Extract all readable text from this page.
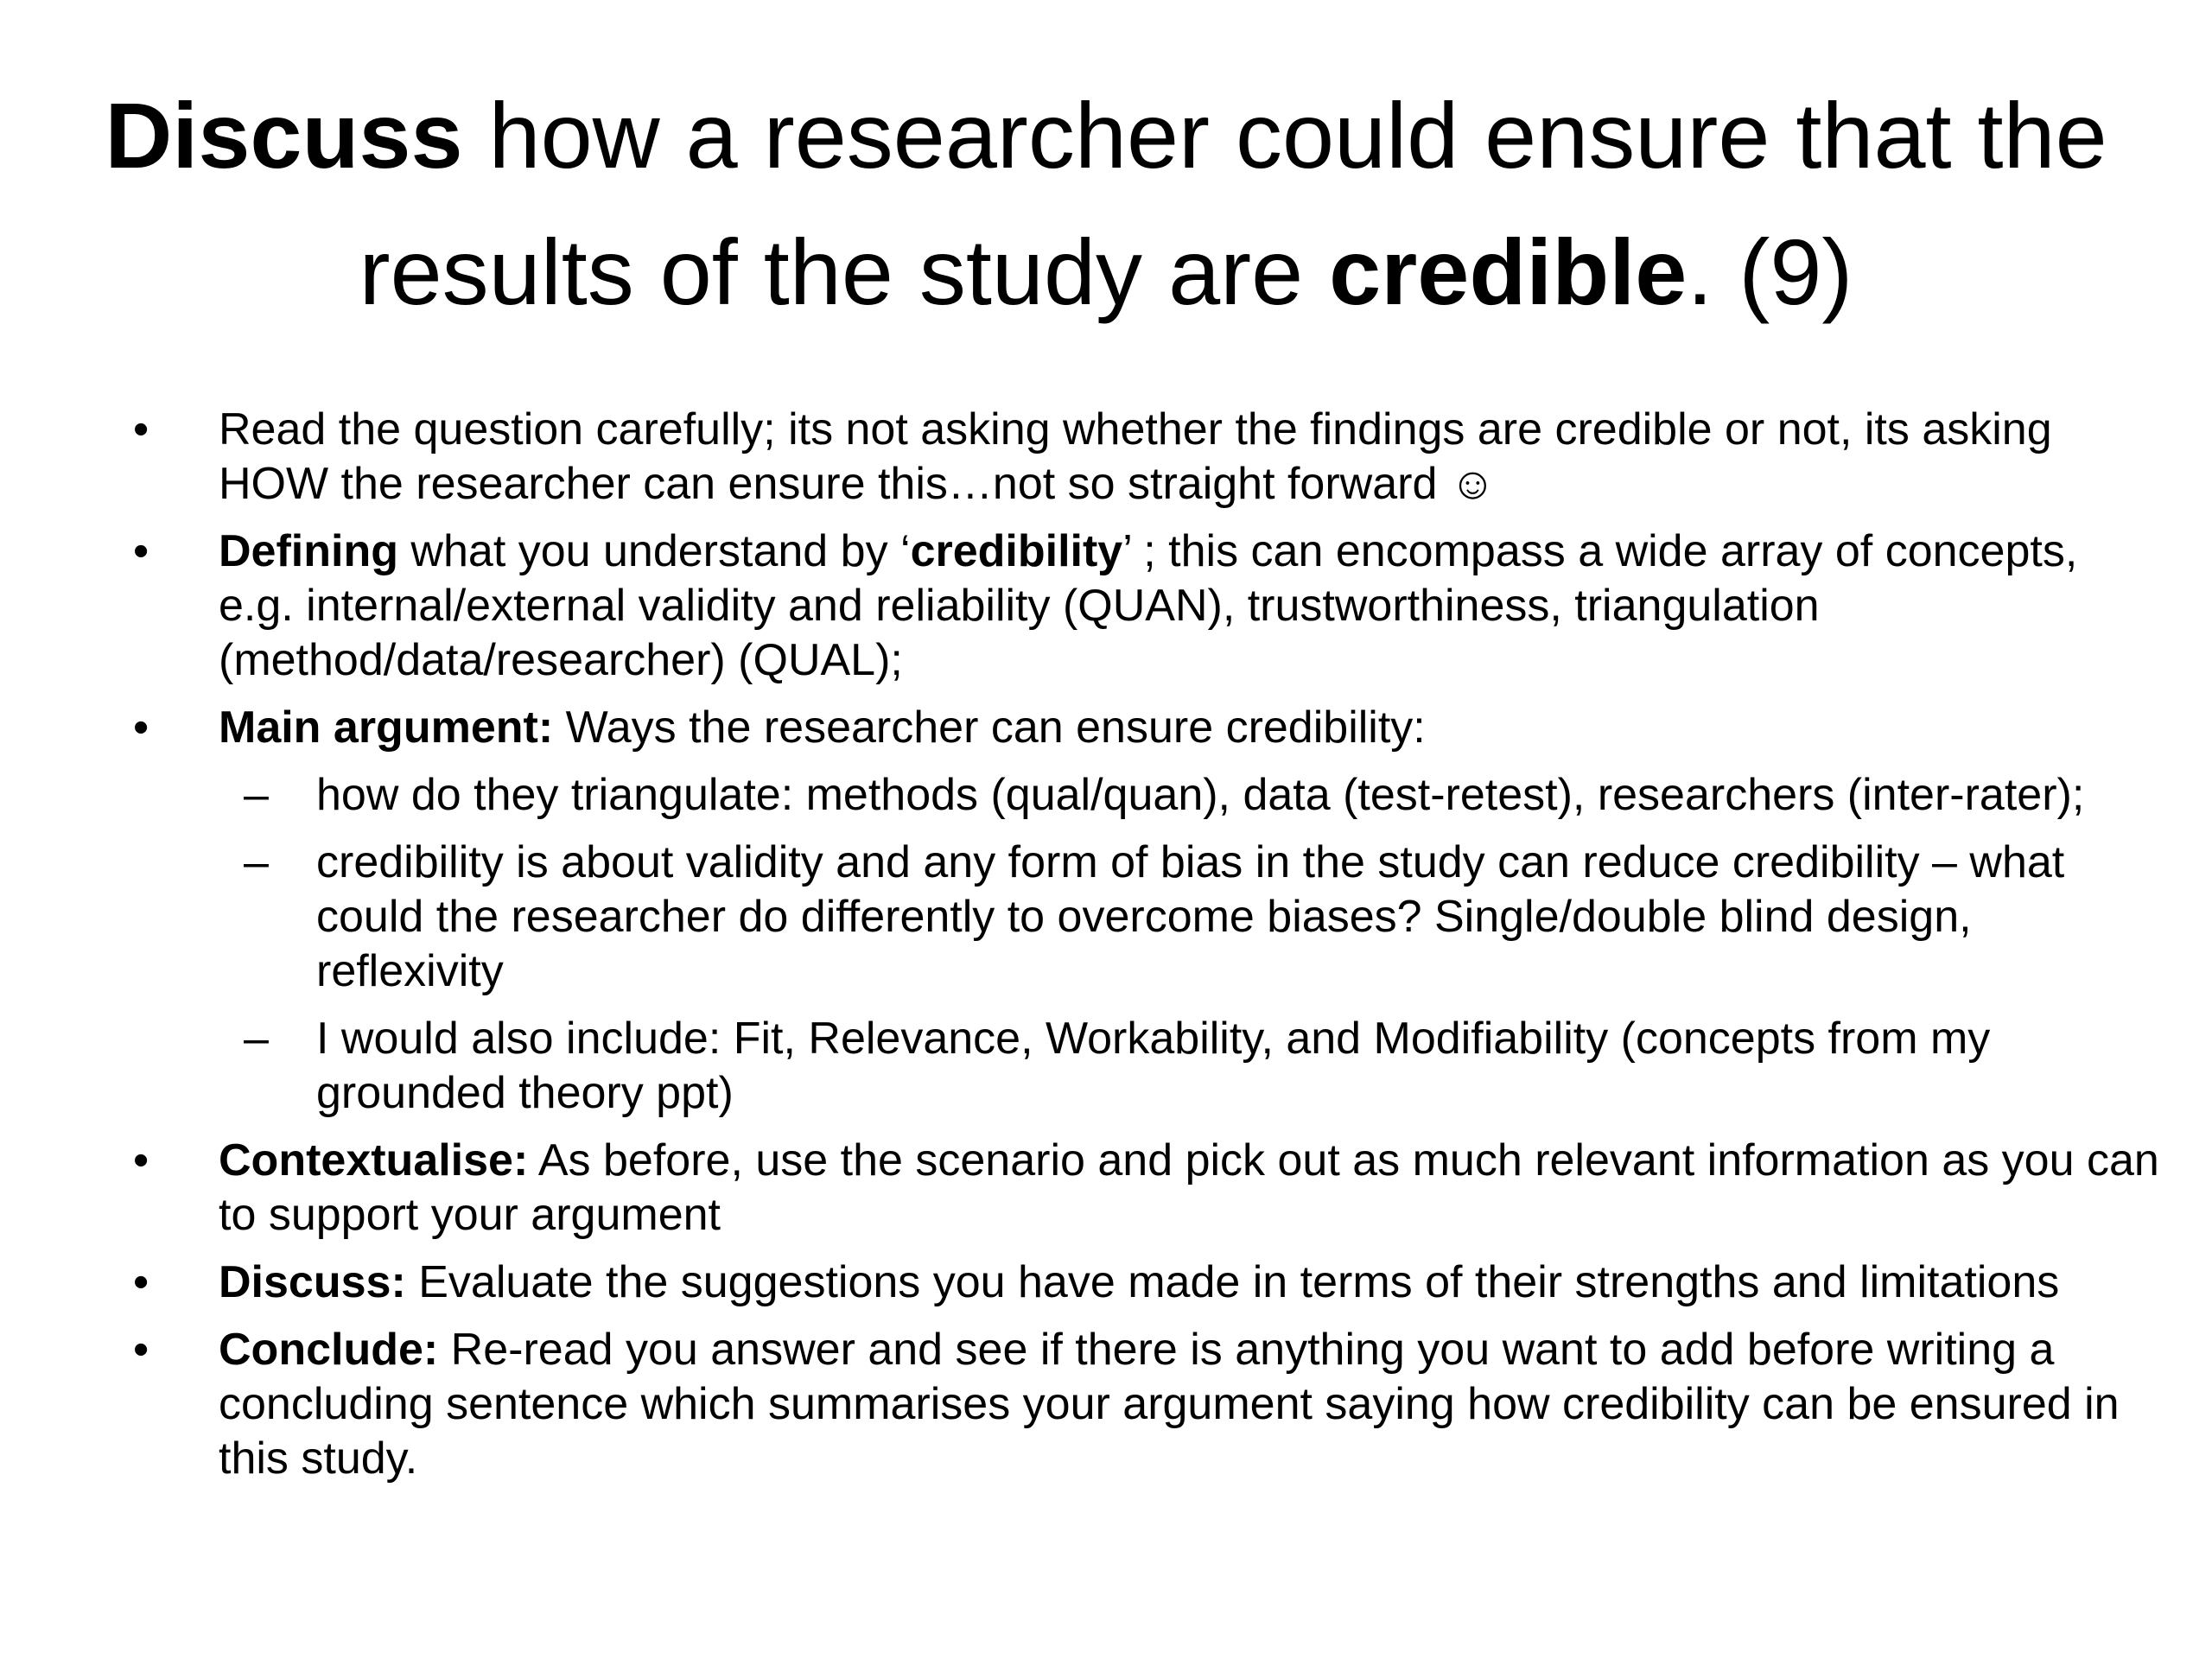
Discuss how a researcher could ensure that the results of the study are credible. (9)
•	Read the question carefully; its not asking whether the findings are credible or not, its asking HOW the researcher can ensure this…not so straight forward ☺
•	Defining what you understand by ‘credibility’ ; this can encompass a wide array of concepts, e.g. internal/external validity and reliability (QUAN), trustworthiness, triangulation (method/data/researcher) (QUAL);
•	Main argument: Ways the researcher can ensure credibility:
–	how do they triangulate: methods (qual/quan), data (test-retest), researchers (inter-rater);
–	credibility is about validity and any form of bias in the study can reduce credibility – what could the researcher do differently to overcome biases? Single/double blind design, reflexivity
–	I would also include: Fit, Relevance, Workability, and Modifiability (concepts from my grounded theory ppt)
•	Contextualise: As before, use the scenario and pick out as much relevant information as you can to support your argument
•	Discuss: Evaluate the suggestions you have made in terms of their strengths and limitations
•	Conclude: Re-read you answer and see if there is anything you want to add before writing a concluding sentence which summarises your argument saying how credibility can be ensured in this study.
